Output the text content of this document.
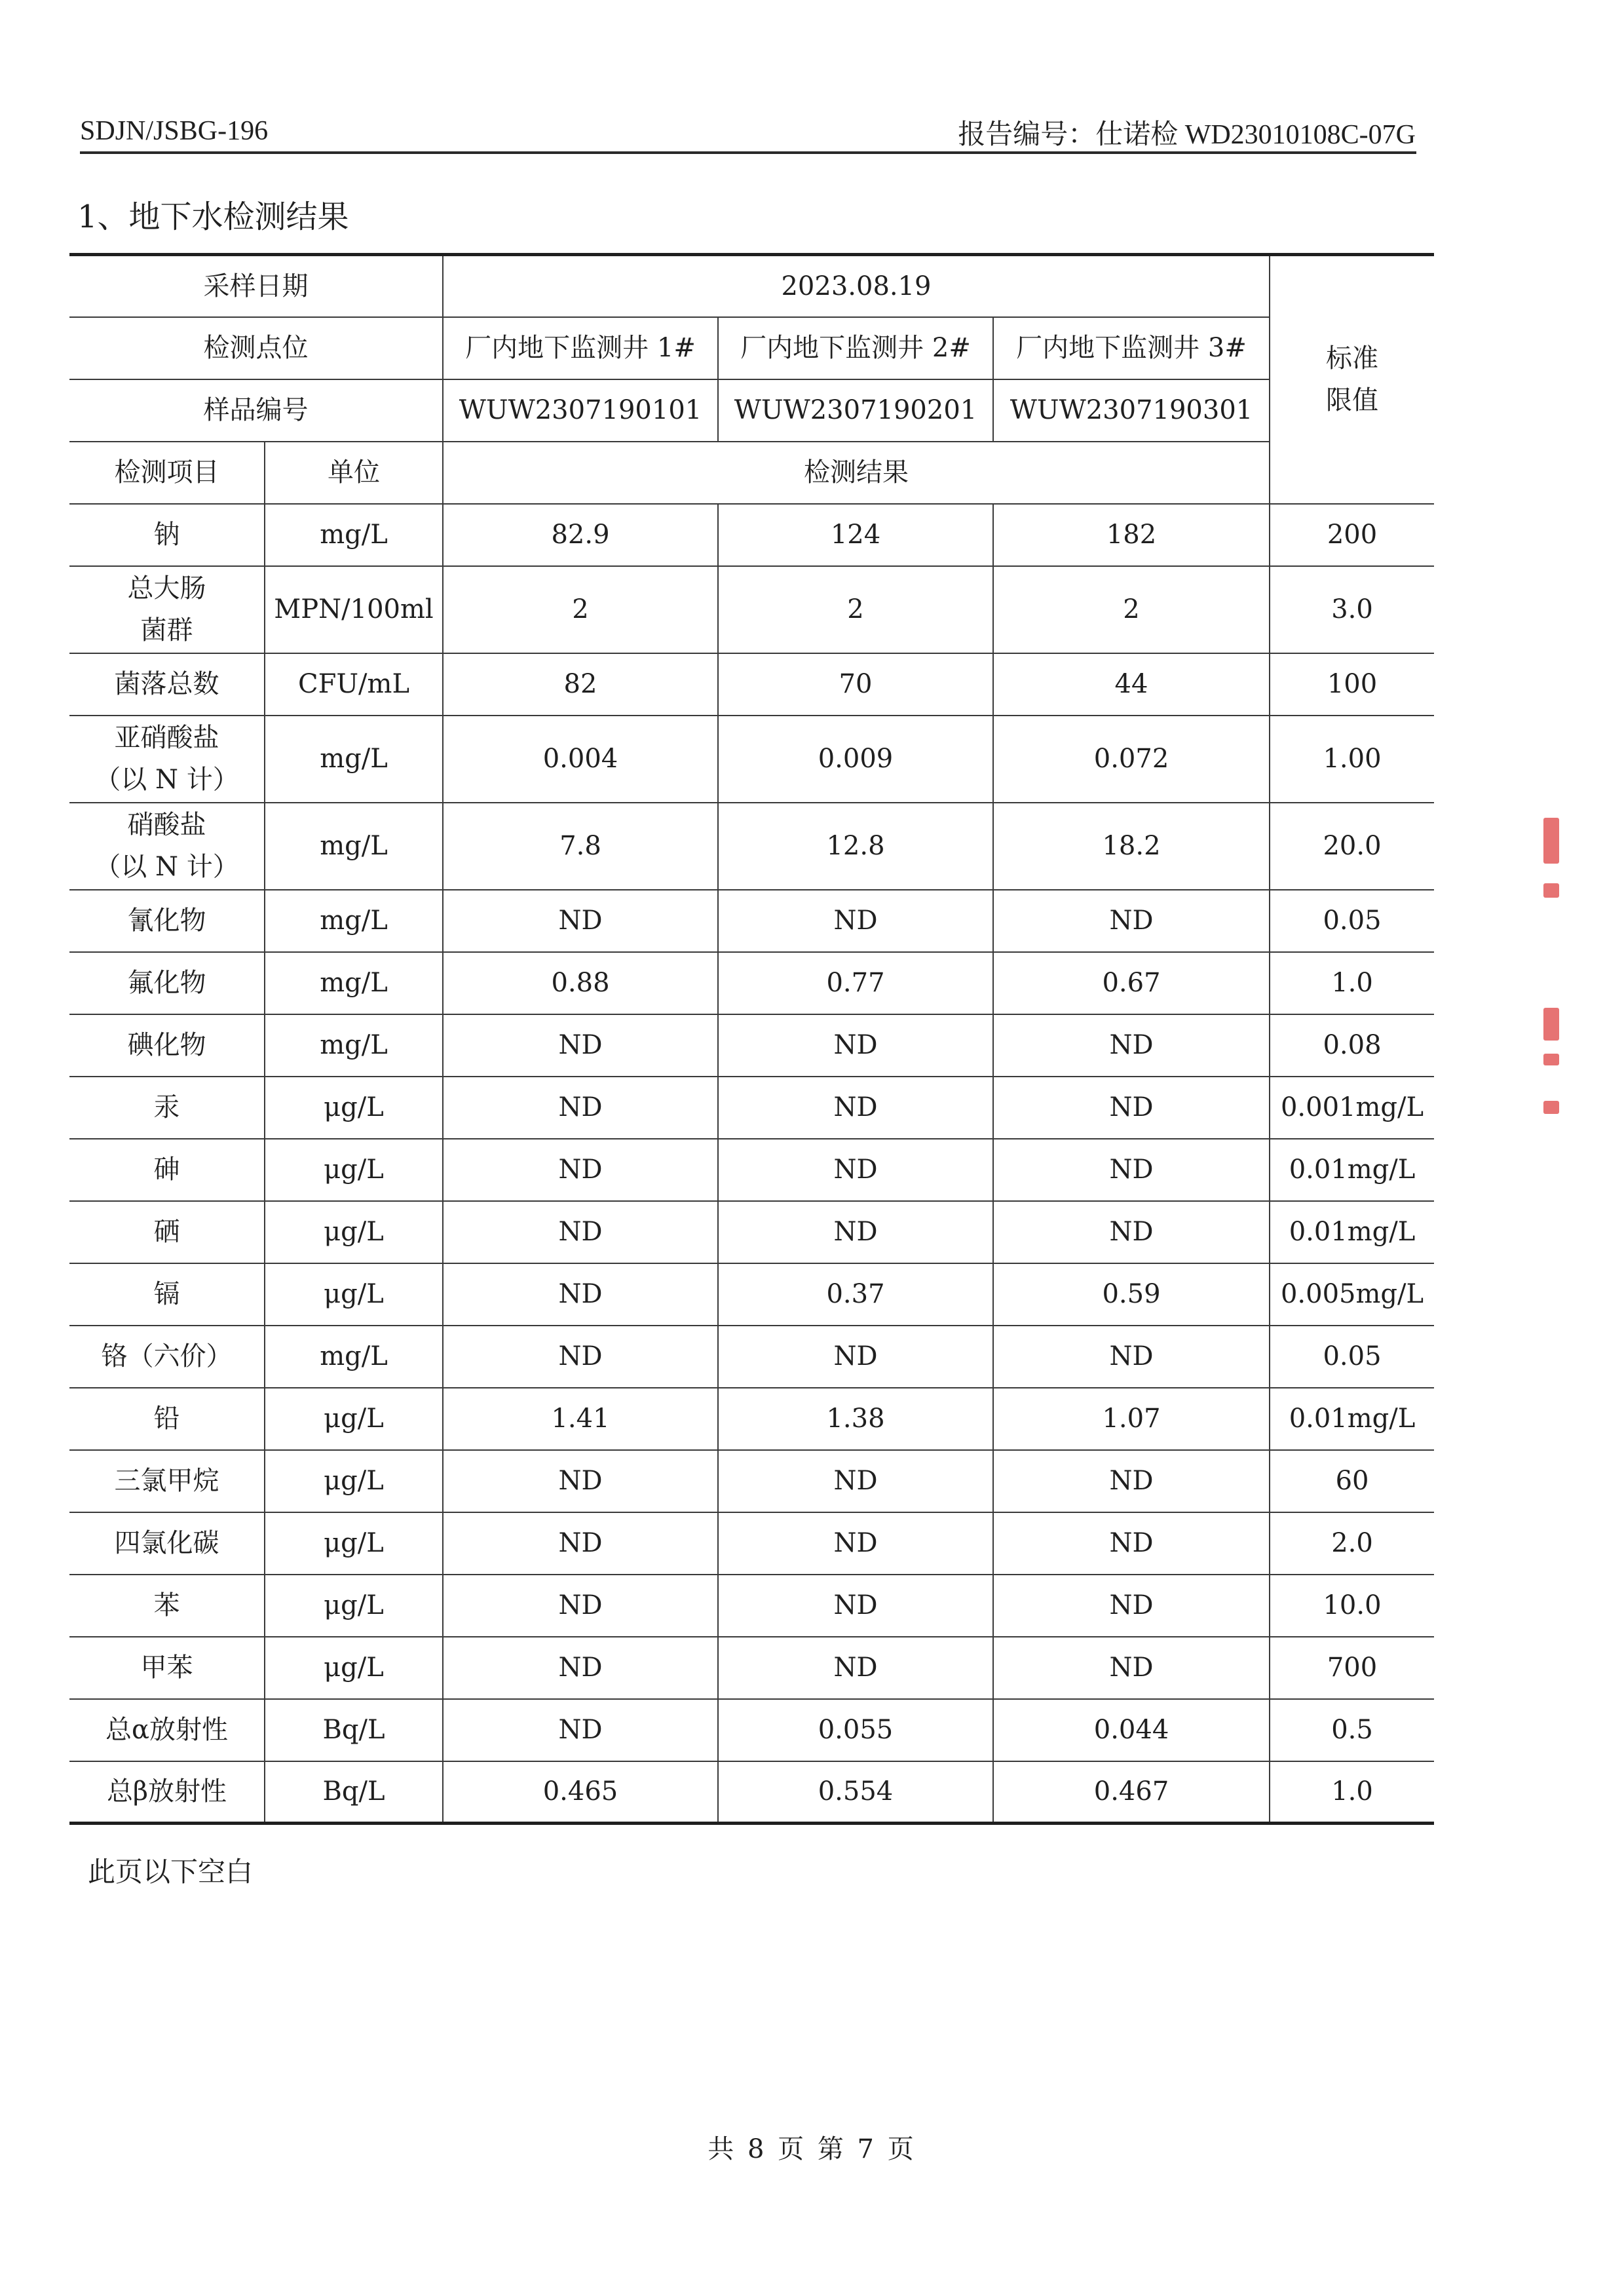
SDJN/JSBG-196	报告编号：仕诺检 WD23010108C-07G
1、地下水检测结果
采样日期		2023.08.19			标准
限值

检测点位		厂内地下监测井 1#	厂内地下监测井 2#	厂内地下监测井 3#	
样品编号		WUW2307190101	WUW2307190201	WUW2307190301	
检测项目	单位	检测结果			

钠	mg/L	82.9	124	182	200

总大肠
菌群	MPN/100ml	2	2	2	3.0

菌落总数	CFU/mL	82	70	44	100

亚硝酸盐
（以 N 计）	mg/L	0.004	0.009	0.072	1.00

硝酸盐
（以 N 计）	mg/L	7.8	12.8	18.2	20.0

氰化物	mg/L	ND	ND	ND	0.05

氟化物	mg/L	0.88	0.77	0.67	1.0

碘化物	mg/L	ND	ND	ND	0.08

汞	μg/L	ND	ND	ND	0.001mg/L

砷	μg/L	ND	ND	ND	0.01mg/L

硒	μg/L	ND	ND	ND	0.01mg/L

镉	μg/L	ND	0.37	0.59	0.005mg/L

铬（六价）	mg/L	ND	ND	ND	0.05

铅	μg/L	1.41	1.38	1.07	0.01mg/L

三氯甲烷	μg/L	ND	ND	ND	60

四氯化碳	μg/L	ND	ND	ND	2.0

苯	μg/L	ND	ND	ND	10.0

甲苯	μg/L	ND	ND	ND	700

总α放射性	Bq/L	ND	0.055	0.044	0.5

总β放射性	Bq/L	0.465	0.554	0.467	1.0
此页以下空白
共 8 页 第 7 页
